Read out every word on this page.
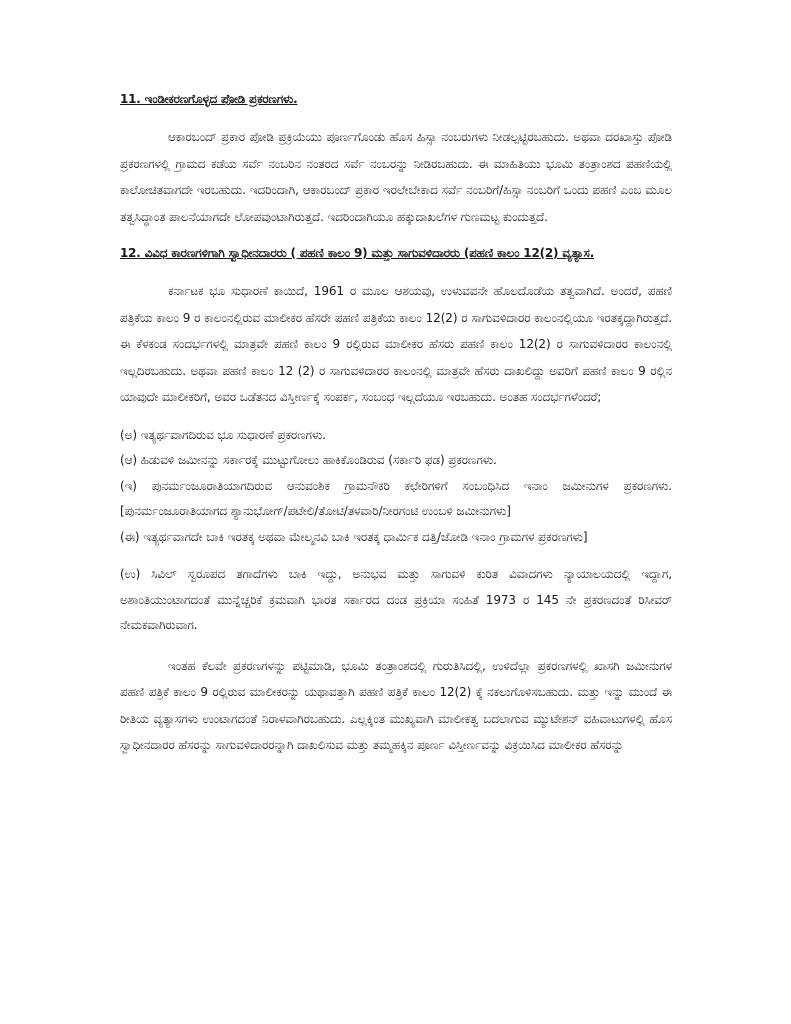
11. ಇಂಡೀಕರಣಗೊಳ್ಳದ ಪೋಡಿ ಪ್ರಕರಣಗಳು.

ಆಕಾರಬಂದ್ ಪ್ರಕಾರ ಪೋಡಿ ಪ್ರಕ್ರಿಯೆಯು ಪೂರ್ಣಗೊಂಡು ಹೊಸ ಹಿಸ್ಸಾ ನಂಬರುಗಳು ನೀಡಲ್ಪಟ್ಟಿರಬಹುದು. ಅಥವಾ ದರಖಾಸ್ತು ಪೋಡಿ ಪ್ರಕರಣಗಳಲ್ಲಿ ಗ್ರಾಮದ ಕಡೆಯ ಸರ್ವೆ ನಂಬರಿನ ನಂತರದ ಸರ್ವೆ ನಂಬರನ್ನು ನೀಡಿರಬಹುದು. ಈ ಮಾಹಿತಿಯು ಭೂಮಿ ತಂತ್ರಾಂಶದ ಪಹಣಿಯಲ್ಲಿ ಕಾಲೋಚಿತವಾಗದೇ ಇರಬಹುದು. ಇದರಿಂದಾಗಿ, ಆಕಾರಬಂದ್ ಪ್ರಕಾರ ಇರಲೇಬೇಕಾದ ಸರ್ವೆ ನಂಬರಿಗೆ/ಹಿಸ್ಸಾ ನಂಬರಿಗೆ ಒಂದು ಪಹಣಿ ಎಂಬ ಮೂಲ ತತ್ವಸಿದ್ಧಾಂತ ಪಾಲನೆಯಾಗದೇ ಲೋಪವುಂಟಾಗಿರುತ್ತದೆ. ಇದರಿಂದಾಗಿಯೂ ಹಕ್ಕುದಾಖಲೆಗಳ ಗುಣಮಟ್ಟ ಕುಂದುತ್ತದೆ.

12. ವಿವಿಧ ಕಾರಣಗಳಿಗಾಗಿ ಸ್ವಾಧೀನದಾರರು ( ಪಹಣಿ ಕಾಲಂ 9) ಮತ್ತು ಸಾಗುವಳಿದಾರರು (ಪಹಣಿ ಕಾಲಂ 12(2) ವ್ಯತ್ಯಾಸ.

ಕರ್ನಾಟಕ ಭೂ ಸುಧಾರಣೆ ಕಾಯಿದೆ, 1961 ರ ಮೂಲ ಆಶಯವು, ಉಳುವವನೇ ಹೊಲದೊಡೆಯ ತತ್ವವಾಗಿದೆ. ಅಂದರೆ, ಪಹಣಿ ಪತ್ರಿಕೆಯ ಕಾಲಂ 9 ರ ಕಾಲಂನಲ್ಲಿರುವ ಮಾಲೀಕರ ಹೆಸರೇ ಪಹಣಿ ಪತ್ರಿಕೆಯ ಕಾಲಂ 12(2) ರ ಸಾಗುವಳಿದಾರರ ಕಾಲಂನಲ್ಲಿಯೂ ಇರತಕ್ಕದ್ದಾಗಿರುತ್ತದೆ. ಈ ಕೆಳಕಂಡ ಸಂದರ್ಭಗಳಲ್ಲಿ ಮಾತ್ರವೇ ಪಹಣಿ ಕಾಲಂ 9 ರಲ್ಲಿರುವ ಮಾಲೀಕರ ಹೆಸರು ಪಹಣಿ ಕಾಲಂ 12(2) ರ ಸಾಗುವಳಿದಾರರ ಕಾಲಂನಲ್ಲಿ ಇಲ್ಲದಿರಬಹುದು. ಅಥವಾ ಪಹಣಿ ಕಾಲಂ 12 (2) ರ ಸಾಗುವಳಿದಾರರ ಕಾಲಂನಲ್ಲಿ ಮಾತ್ರವೇ ಹೆಸರು ದಾಖಲಿದ್ದು ಅವರಿಗೆ ಪಹಣಿ ಕಾಲಂ 9 ರಲ್ಲಿನ ಯಾವುದೇ ಮಾಲೀಕರಿಗೆ, ಅವರ ಒಡೆತನದ ವಿಸ್ತೀರ್ಣಕ್ಕೆ ಸಂಪರ್ಕ, ಸಂಬಂಧ ಇಲ್ಲದೆಯೂ ಇರಬಹುದು. ಅಂತಹ ಸಂದರ್ಭಗಳೆಂದರೆ;

(ಅ) ಇತ್ಯರ್ಥವಾಗದಿರುವ ಭೂ ಸುಧಾರಣೆ ಪ್ರಕರಣಗಳು.

(ಆ) ಹಿಡುವಳಿ ಜಮೀನನ್ನು ಸರ್ಕಾರಕ್ಕೆ ಮುಟ್ಟುಗೋಲು ಹಾಕಿಕೊಂಡಿರುವ (ಸರ್ಕಾರಿ ಫಡ) ಪ್ರಕರಣಗಳು.

(ಇ) ಪುನರ್ಮಂಜೂರಾತಿಯಾಗದಿರುವ ಆನುವಂಶಿಕ ಗ್ರಾಮನೌಕರಿ ಕಛೇರಿಗಳಿಗೆ ಸಂಬಂಧಿಸಿದ ಇನಾಂ ಜಮೀನುಗಳ ಪ್ರಕರಣಗಳು.[ಪುನರ್ಮಂಜೂರಾತಿಯಾಗದ ಶ್ಯಾನುಭೋಗ್/ಪಟೇಲಿ/ತೋಟಿ/ತಳವಾರಿ/ನೀರಗಂಟಿ ಉಂಬಳಿ ಜಮೀನುಗಳು]

(ಈ) ಇತ್ಯರ್ಥವಾಗದೇ ಬಾಕಿ ಇರತಕ್ಕ ಅಥವಾ ಮೇಲ್ಮನವಿ ಬಾಕಿ ಇರತಕ್ಕ ಧಾರ್ಮಿಕ ದತ್ತಿ/ಜೋಡಿ ಇನಾಂ ಗ್ರಾಮಗಳ ಪ್ರಕರಣಗಳು]

(ಉ) ಸಿವಿಲ್ ಸ್ವರೂಪದ ತಗಾದೆಗಳು ಬಾಕಿ ಇದ್ದು, ಅನುಭವ ಮತ್ತು ಸಾಗುವಳಿ ಕುರಿತ ವಿವಾದಗಳು ನ್ಯಾಯಾಲಯದಲ್ಲಿ ಇದ್ದಾಗ, ಅಶಾಂತಿಯುಂಟಾಗದಂತೆ ಮುನ್ನೆಚ್ಚರಿಕೆ ಕ್ರಮವಾಗಿ ಭಾರತ ಸರ್ಕಾರದ ದಂಡ ಪ್ರಕ್ರಿಯಾ ಸಂಹಿತೆ 1973 ರ 145 ನೇ ಪ್ರಕರಣದಂತೆ ರಿಸೀವರ್ ನೇಮಕವಾಗಿರುವಾಗ.

ಇಂತಹ ಕೆಲವೇ ಪ್ರಕರಣಗಳನ್ನು ಪಟ್ಟಿಮಾಡಿ, ಭೂಮಿ ತಂತ್ರಾಂಶದಲ್ಲಿ ಗುರುತಿಸಿದಲ್ಲಿ, ಉಳಿದೆಲ್ಲಾ ಪ್ರಕರಣಗಳಲ್ಲಿ ಖಾಸಗಿ ಜಮೀನುಗಳ ಪಹಣಿ ಪತ್ರಿಕೆ ಕಾಲಂ 9 ರಲ್ಲಿರುವ ಮಾಲೀಕರನ್ನು ಯಥಾವತ್ತಾಗಿ ಪಹಣಿ ಪತ್ರಿಕೆ ಕಾಲಂ 12(2) ಕ್ಕೆ ನಕಲುಗೊಳಿಸಬಹುದು. ಮತ್ತು ಇನ್ನು ಮುಂದೆ ಈ ರೀತಿಯ ವ್ಯತ್ಯಾಸಗಳು ಉಂಟಾಗದಂತೆ ನಿರಾಳವಾಗಿರಬಹುದು. ಎಲ್ಲಕ್ಕಿಂತ ಮುಖ್ಯವಾಗಿ ಮಾಲೀಕತ್ವ ಬದಲಾಗುವ ಮ್ಯುಟೇಶನ್ ವಹಿವಾಟುಗಳಲ್ಲಿ ಹೊಸ ಸ್ವಾಧೀನದಾರರ ಹೆಸರನ್ನು ಸಾಗುವಳಿದಾರರನ್ನಾಗಿ ದಾಖಲಿಸುವ ಮತ್ತು ತಮ್ಮಹಕ್ಕಿನ ಪೂರ್ಣ ವಿಸ್ತೀರ್ಣವನ್ನು ವಿಕ್ರಯಿಸಿದ ಮಾಲೀಕರ ಹೆಸರನ್ನು
